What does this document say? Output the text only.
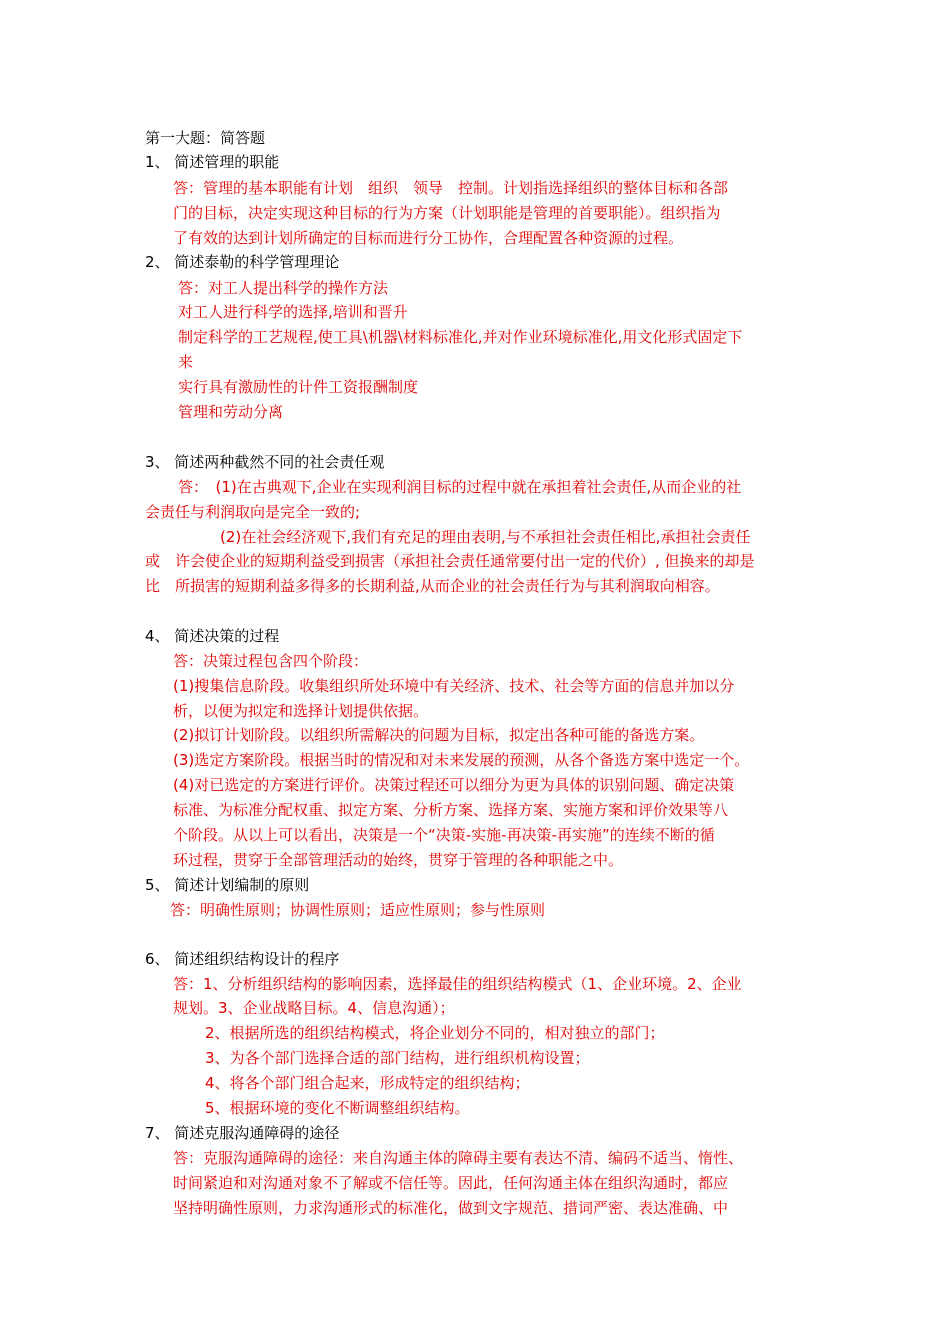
第一大题：简答题
1、 简述管理的职能
答：管理的基本职能有计划　组织　领导　控制。计划指选择组织的整体目标和各部
门的目标，决定实现这种目标的行为方案（计划职能是管理的首要职能）。组织指为
了有效的达到计划所确定的目标而进行分工协作，合理配置各种资源的过程。
2、 简述泰勒的科学管理理论
答：对工人提出科学的操作方法
对工人进行科学的选择,培训和晋升
制定科学的工艺规程,使工具\机器\材料标准化,并对作业环境标准化,用文化形式固定下
来
实行具有激励性的计件工资报酬制度
管理和劳动分离
3、 简述两种截然不同的社会责任观
答：　(1)在古典观下,企业在实现利润目标的过程中就在承担着社会责任,从而企业的社
会责任与利润取向是完全一致的;
(2)在社会经济观下,我们有充足的理由表明,与不承担社会责任相比,承担社会责任
或　许会使企业的短期利益受到损害（承担社会责任通常要付出一定的代价）, 但换来的却是
比　所损害的短期利益多得多的长期利益,从而企业的社会责任行为与其利润取向相容。
4、 简述决策的过程
答：决策过程包含四个阶段：
(1)搜集信息阶段。收集组织所处环境中有关经济、技术、社会等方面的信息并加以分
析，以便为拟定和选择计划提供依据。
(2)拟订计划阶段。以组织所需解决的问题为目标，拟定出各种可能的备选方案。
(3)选定方案阶段。根据当时的情况和对未来发展的预测，从各个备选方案中选定一个。
(4)对已选定的方案进行评价。决策过程还可以细分为更为具体的识别问题、确定决策
标准、为标准分配权重、拟定方案、分析方案、选择方案、实施方案和评价效果等八
个阶段。从以上可以看出，决策是一个“决策-实施-再决策-再实施”的连续不断的循
环过程，贯穿于全部管理活动的始终，贯穿于管理的各种职能之中。
5、 简述计划编制的原则
答：明确性原则；协调性原则；适应性原则；参与性原则
6、 简述组织结构设计的程序
答：1、分析组织结构的影响因素，选择最佳的组织结构模式（1、企业环境。2、企业
规划。3、企业战略目标。4、信息沟通）；
2、根据所选的组织结构模式，将企业划分不同的，相对独立的部门；
3、为各个部门选择合适的部门结构，进行组织机构设置；
4、将各个部门组合起来，形成特定的组织结构；
5、根据环境的变化不断调整组织结构。
7、 简述克服沟通障碍的途径
答：克服沟通障碍的途径：来自沟通主体的障碍主要有表达不清、编码不适当、惰性、
时间紧迫和对沟通对象不了解或不信任等。因此，任何沟通主体在组织沟通时，都应
坚持明确性原则，力求沟通形式的标准化，做到文字规范、措词严密、表达准确、中
